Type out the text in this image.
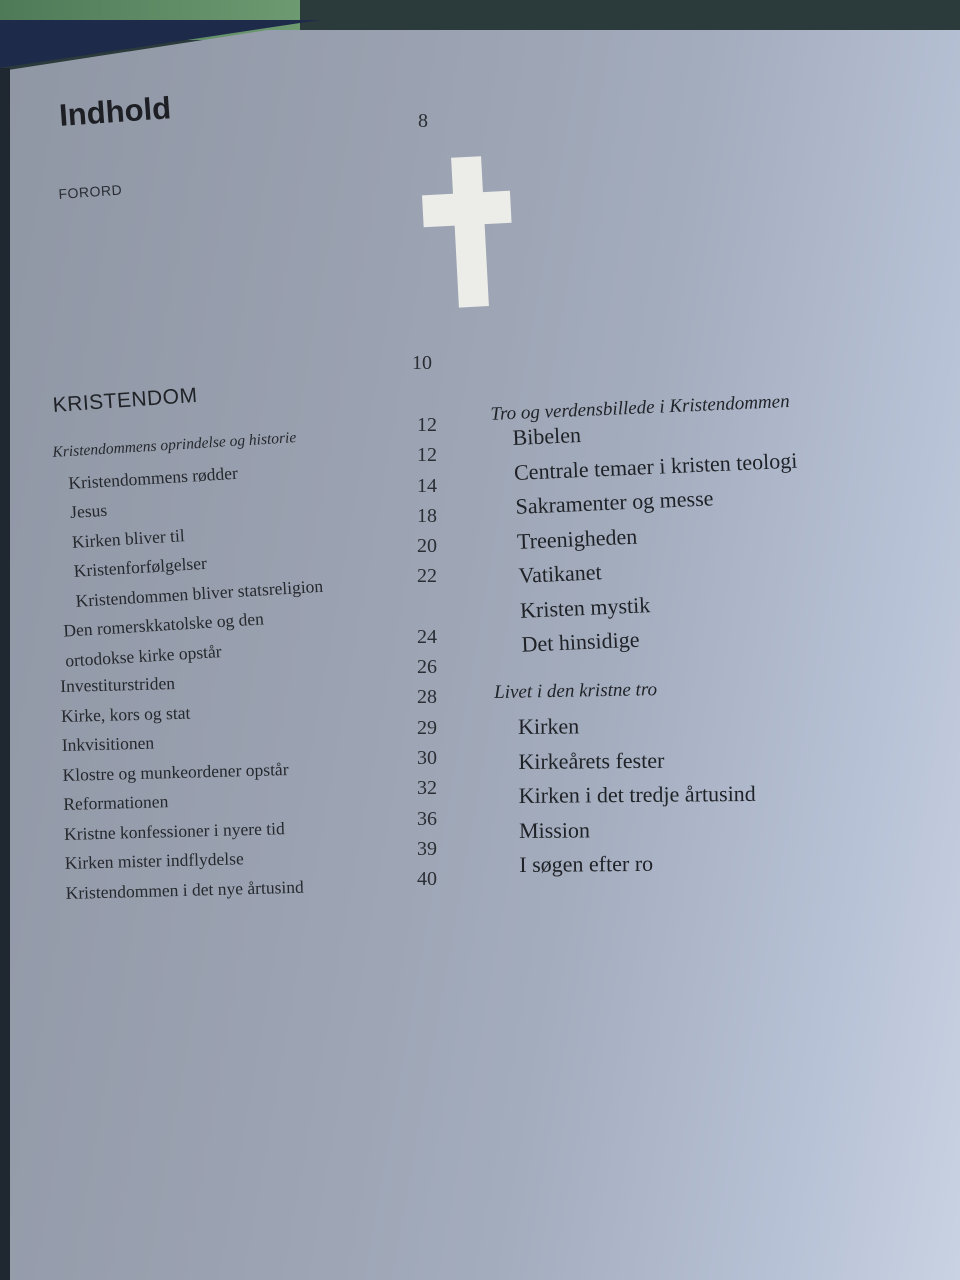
Indhold	8
FORORD
10
KRISTENDOM
Kristendommens oprindelse og historie
Kristendommens rødder
Jesus
Kirken bliver til
Kristenforfølgelser
Kristendommen bliver statsreligion
Den romerskkatolske og den
ortodokse kirke opstår
Investiturstriden
Kirke, kors og stat
Inkvisitionen
Klostre og munkeordener opstår
Reformationen
Kristne konfessioner i nyere tid
Kirken mister indflydelse
Kristendommen i det nye årtusind
12
12
14
18
20
22
24
26
28
29
30
32
36
39
40
Tro og verdensbillede i Kristendommen
Bibelen
Centrale temaer i kristen teologi
Sakramenter og messe
Treenigheden
Vatikanet
Kristen mystik
Det hinsidige
Livet i den kristne tro
Kirken
Kirkeårets fester
Kirken i det tredje årtusind
Mission
I søgen efter ro
